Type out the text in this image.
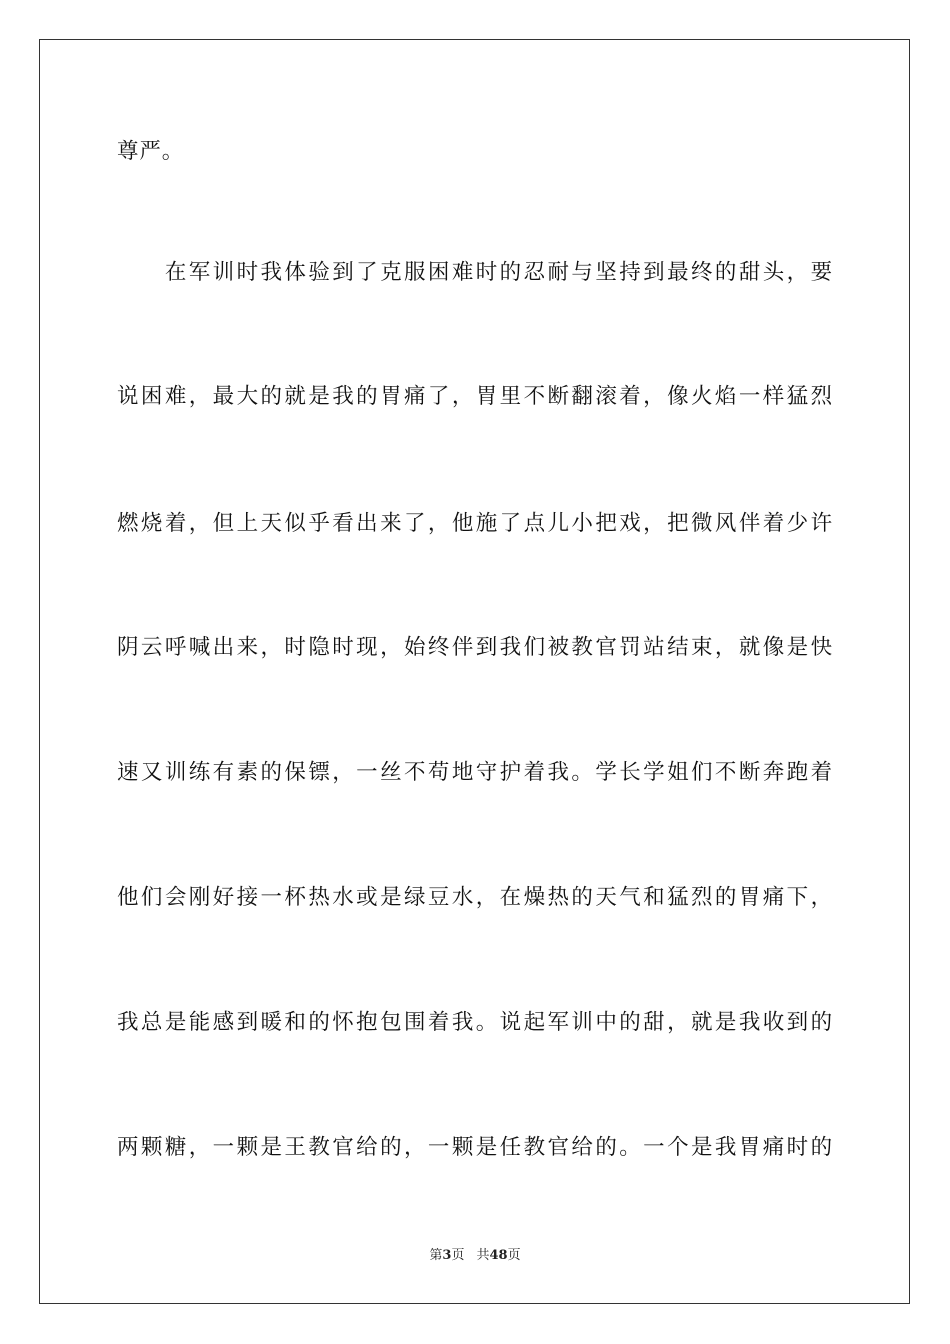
尊严。
　　在军训时我体验到了克服困难时的忍耐与坚持到最终的甜头，要
说困难，最大的就是我的胃痛了，胃里不断翻滚着，像火焰一样猛烈
燃烧着，但上天似乎看出来了，他施了点儿小把戏，把微风伴着少许
阴云呼喊出来，时隐时现，始终伴到我们被教官罚站结束，就像是快
速又训练有素的保镖，一丝不苟地守护着我。学长学姐们不断奔跑着
他们会刚好接一杯热水或是绿豆水，在燥热的天气和猛烈的胃痛下，
我总是能感到暖和的怀抱包围着我。说起军训中的甜，就是我收到的
两颗糖，一颗是王教官给的，一颗是任教官给的。一个是我胃痛时的
第3页 共48页
